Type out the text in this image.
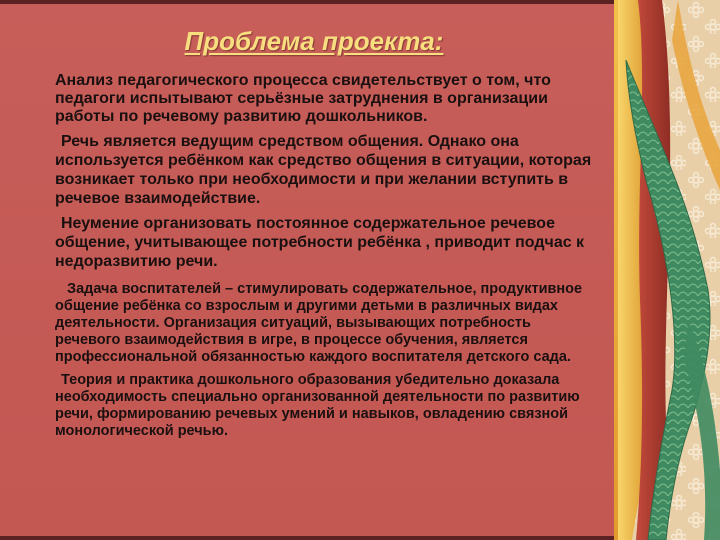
Проблема проекта:

Анализ педагогического процесса свидетельствует о том, что педагоги испытывают серьёзные затруднения в организации работы по речевому развитию дошкольников.

Речь является ведущим средством общения. Однако она используется ребёнком как средство общения в ситуации, которая возникает только при необходимости и при желании вступить в речевое взаимодействие.

Неумение организовать постоянное содержательное речевое общение, учитывающее потребности ребёнка , приводит подчас к недоразвитию речи.

Задача воспитателей – стимулировать содержательное, продуктивное общение ребёнка со взрослым и другими детьми в различных видах деятельности. Организация ситуаций, вызывающих потребность речевого взаимодействия в игре, в процессе обучения, является профессиональной обязанностью каждого воспитателя детского сада.

Теория и практика дошкольного образования убедительно доказала необходимость специально организованной деятельности по развитию речи, формированию речевых умений и навыков, овладению связной монологической речью.
